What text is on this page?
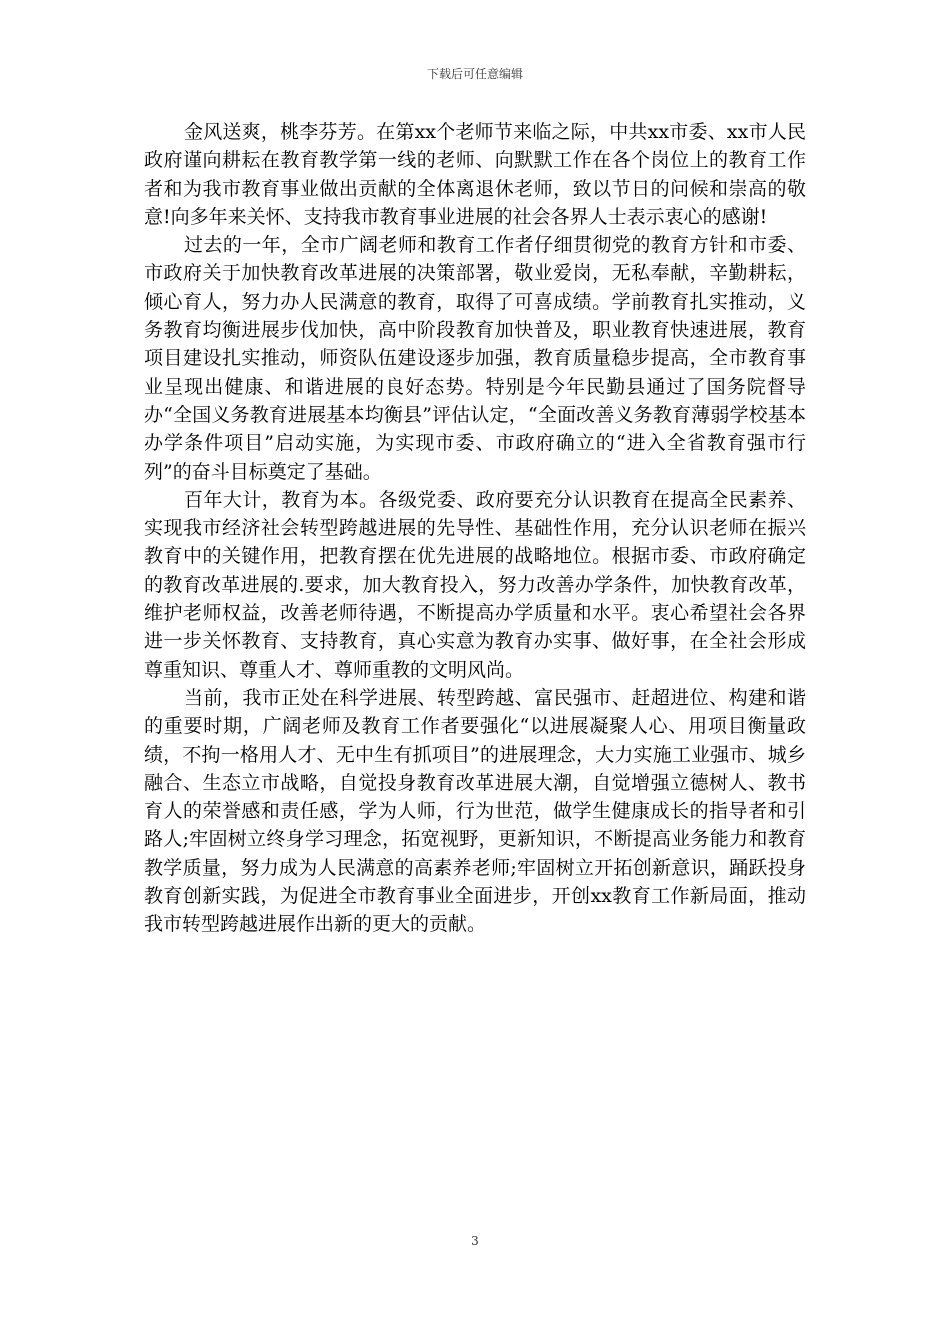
下载后可任意编辑

金风送爽，桃李芬芳。在第xx个老师节来临之际，中共xx市委、xx市人民政府谨向耕耘在教育教学第一线的老师、向默默工作在各个岗位上的教育工作者和为我市教育事业做出贡献的全体离退休老师，致以节日的问候和崇高的敬意!向多年来关怀、支持我市教育事业进展的社会各界人士表示衷心的感谢!

过去的一年，全市广阔老师和教育工作者仔细贯彻党的教育方针和市委、市政府关于加快教育改革进展的决策部署，敬业爱岗，无私奉献，辛勤耕耘，倾心育人，努力办人民满意的教育，取得了可喜成绩。学前教育扎实推动，义务教育均衡进展步伐加快，高中阶段教育加快普及，职业教育快速进展，教育项目建设扎实推动，师资队伍建设逐步加强，教育质量稳步提高，全市教育事业呈现出健康、和谐进展的良好态势。特别是今年民勤县通过了国务院督导办“全国义务教育进展基本均衡县”评估认定，“全面改善义务教育薄弱学校基本办学条件项目”启动实施，为实现市委、市政府确立的“进入全省教育强市行列”的奋斗目标奠定了基础。

百年大计，教育为本。各级党委、政府要充分认识教育在提高全民素养、实现我市经济社会转型跨越进展的先导性、基础性作用，充分认识老师在振兴教育中的关键作用，把教育摆在优先进展的战略地位。根据市委、市政府确定的教育改革进展的.要求，加大教育投入，努力改善办学条件，加快教育改革，维护老师权益，改善老师待遇，不断提高办学质量和水平。衷心希望社会各界进一步关怀教育、支持教育，真心实意为教育办实事、做好事，在全社会形成尊重知识、尊重人才、尊师重教的文明风尚。

当前，我市正处在科学进展、转型跨越、富民强市、赶超进位、构建和谐的重要时期，广阔老师及教育工作者要强化“以进展凝聚人心、用项目衡量政绩，不拘一格用人才、无中生有抓项目”的进展理念，大力实施工业强市、城乡融合、生态立市战略，自觉投身教育改革进展大潮，自觉增强立德树人、教书育人的荣誉感和责任感，学为人师，行为世范，做学生健康成长的指导者和引路人;牢固树立终身学习理念，拓宽视野，更新知识，不断提高业务能力和教育教学质量，努力成为人民满意的高素养老师;牢固树立开拓创新意识，踊跃投身教育创新实践，为促进全市教育事业全面进步，开创xx教育工作新局面，推动我市转型跨越进展作出新的更大的贡献。

3
